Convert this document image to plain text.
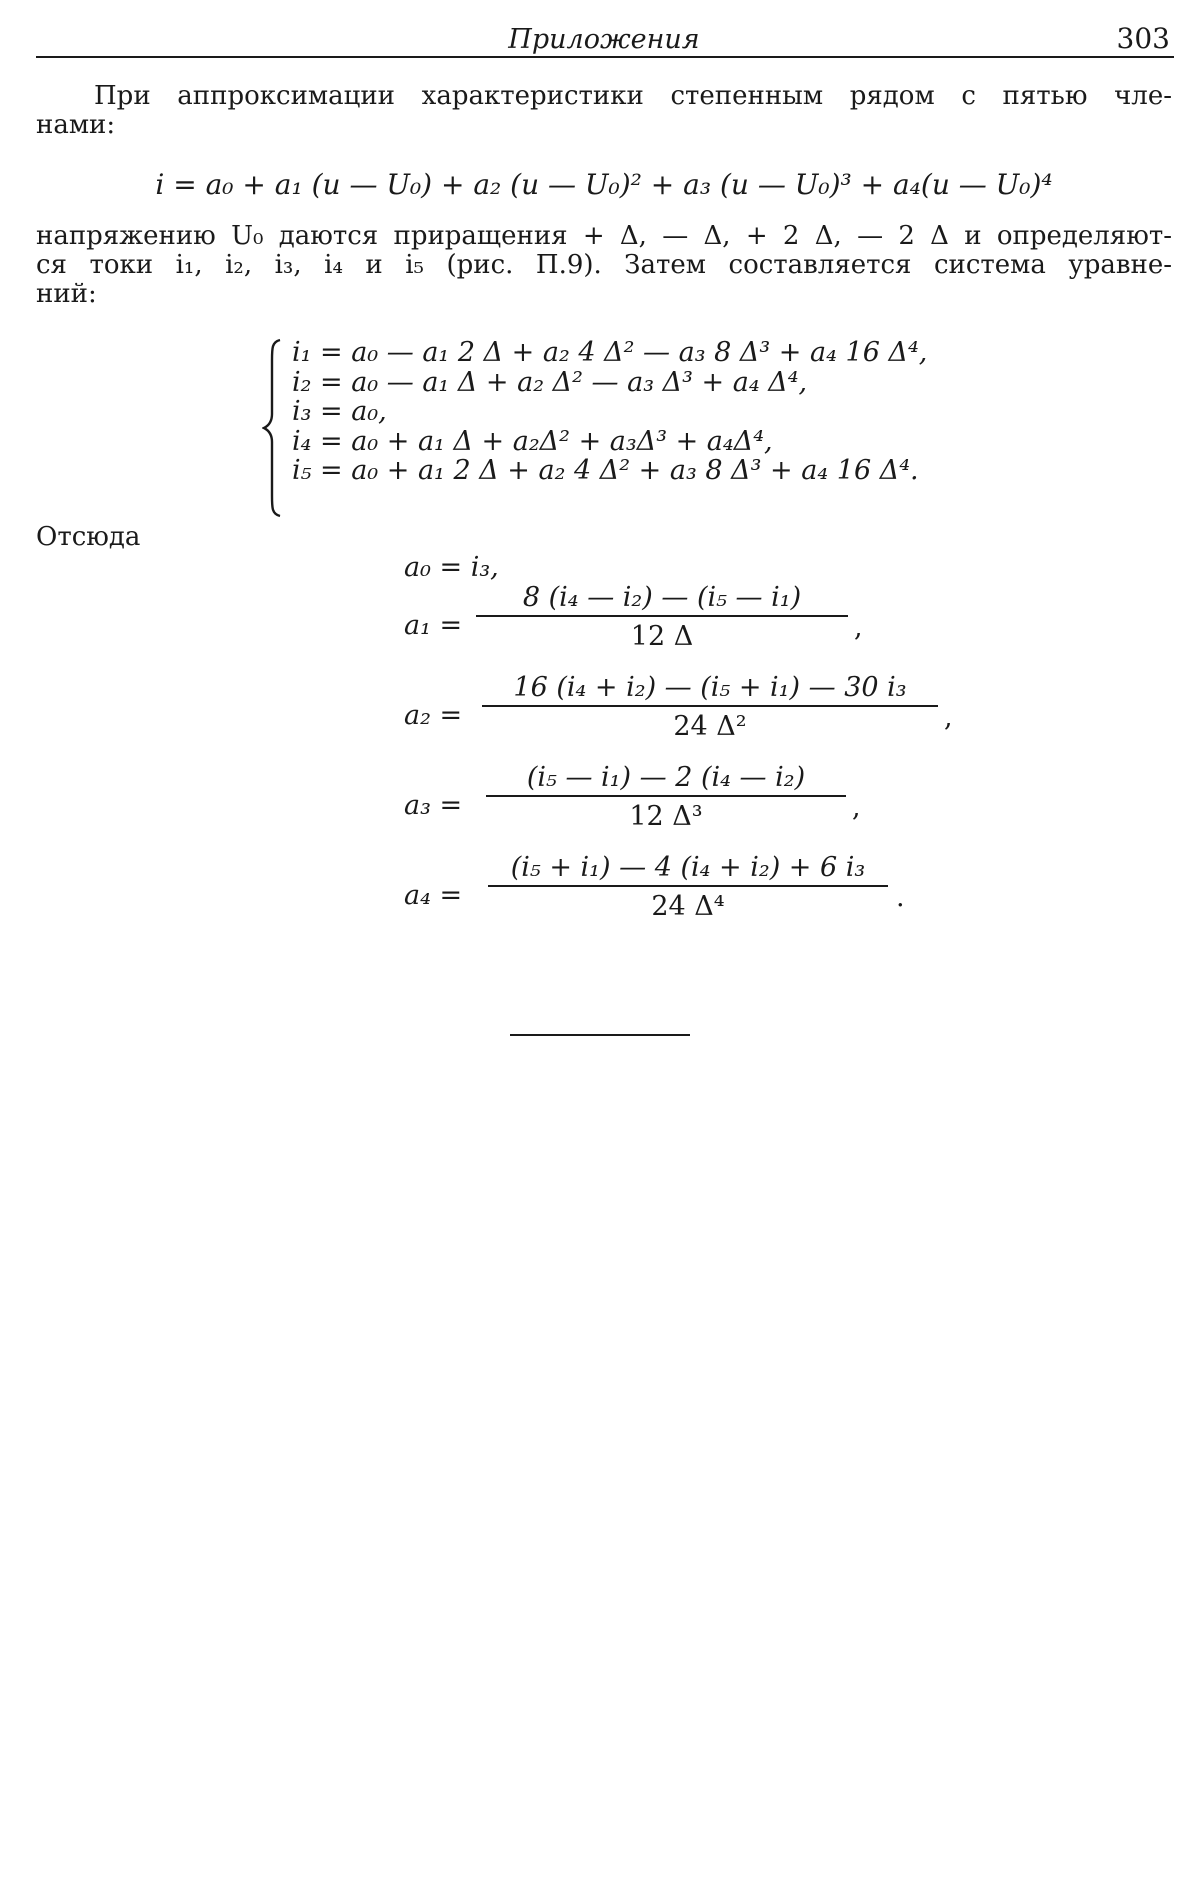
Приложения	303
При аппроксимации характеристики степенным рядом с пятью чле-
нами:
i = a₀ + a₁ (u — U₀) + a₂ (u — U₀)² + a₃ (u — U₀)³ + a₄(u — U₀)⁴
напряжению U₀ даются приращения + Δ, — Δ, + 2 Δ, — 2 Δ и определяют-
ся токи i₁, i₂, i₃, i₄ и i₅ (рис. П.9). Затем составляется система уравне-
ний:
i₁ = a₀ — a₁ 2 Δ + a₂ 4 Δ² — a₃ 8 Δ³ + a₄ 16 Δ⁴,
i₂ = a₀ — a₁ Δ + a₂ Δ² — a₃ Δ³ + a₄ Δ⁴,
i₃ = a₀,
i₄ = a₀ + a₁ Δ + a₂Δ² + a₃Δ³ + a₄Δ⁴,
i₅ = a₀ + a₁ 2 Δ + a₂ 4 Δ² + a₃ 8 Δ³ + a₄ 16 Δ⁴.
Отсюда
a₀ = i₃,
a₁ =
8 (i₄ — i₂) — (i₅ — i₁)
12 Δ	,
a₂ =
16 (i₄ + i₂) — (i₅ + i₁) — 30 i₃
24 Δ²	,
a₃ =
(i₅ — i₁) — 2 (i₄ — i₂)
12 Δ³	,
a₄ =
(i₅ + i₁) — 4 (i₄ + i₂) + 6 i₃
24 Δ⁴	.
